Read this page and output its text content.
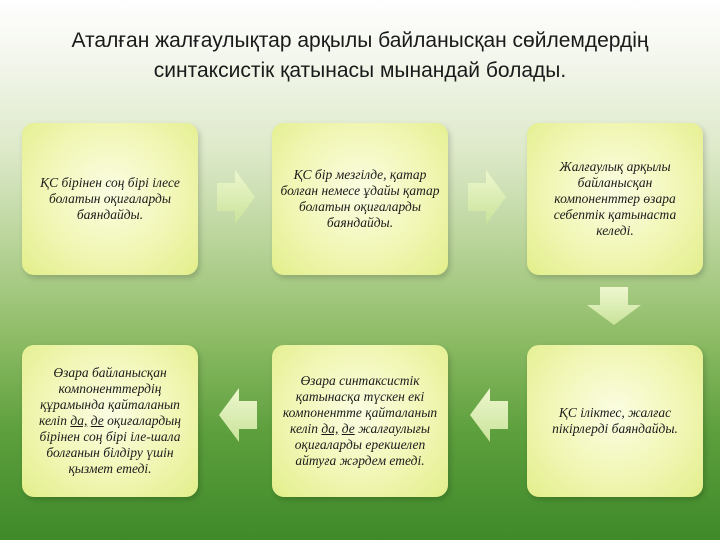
Аталған жалғаулықтар арқылы байланысқан сөйлемдердің
синтаксистік қатынасы мынандай болады.

ҚС бірінен соң бірі ілесе болатын оқиғаларды баяндайды.

ҚС бір мезгілде, қатар болған немесе ұдайы қатар болатын оқиғаларды баяндайды.

Жалғаулық арқылы байланысқан компоненттер өзара себептік қатынаста келеді.

Өзара байланысқан компоненттердің құрамында қайталанып келіп да, де оқиғалардың бірінен соң бірі іле-шала болғанын білдіру үшін қызмет етеді.

Өзара синтаксистік қатынасқа түскен екі компонентте қайталанып келіп да, де жалғаулығы оқиғаларды ерекшелеп айтуға жәрдем етеді.

ҚС іліктес, жалғас пікірлерді баяндайды.
